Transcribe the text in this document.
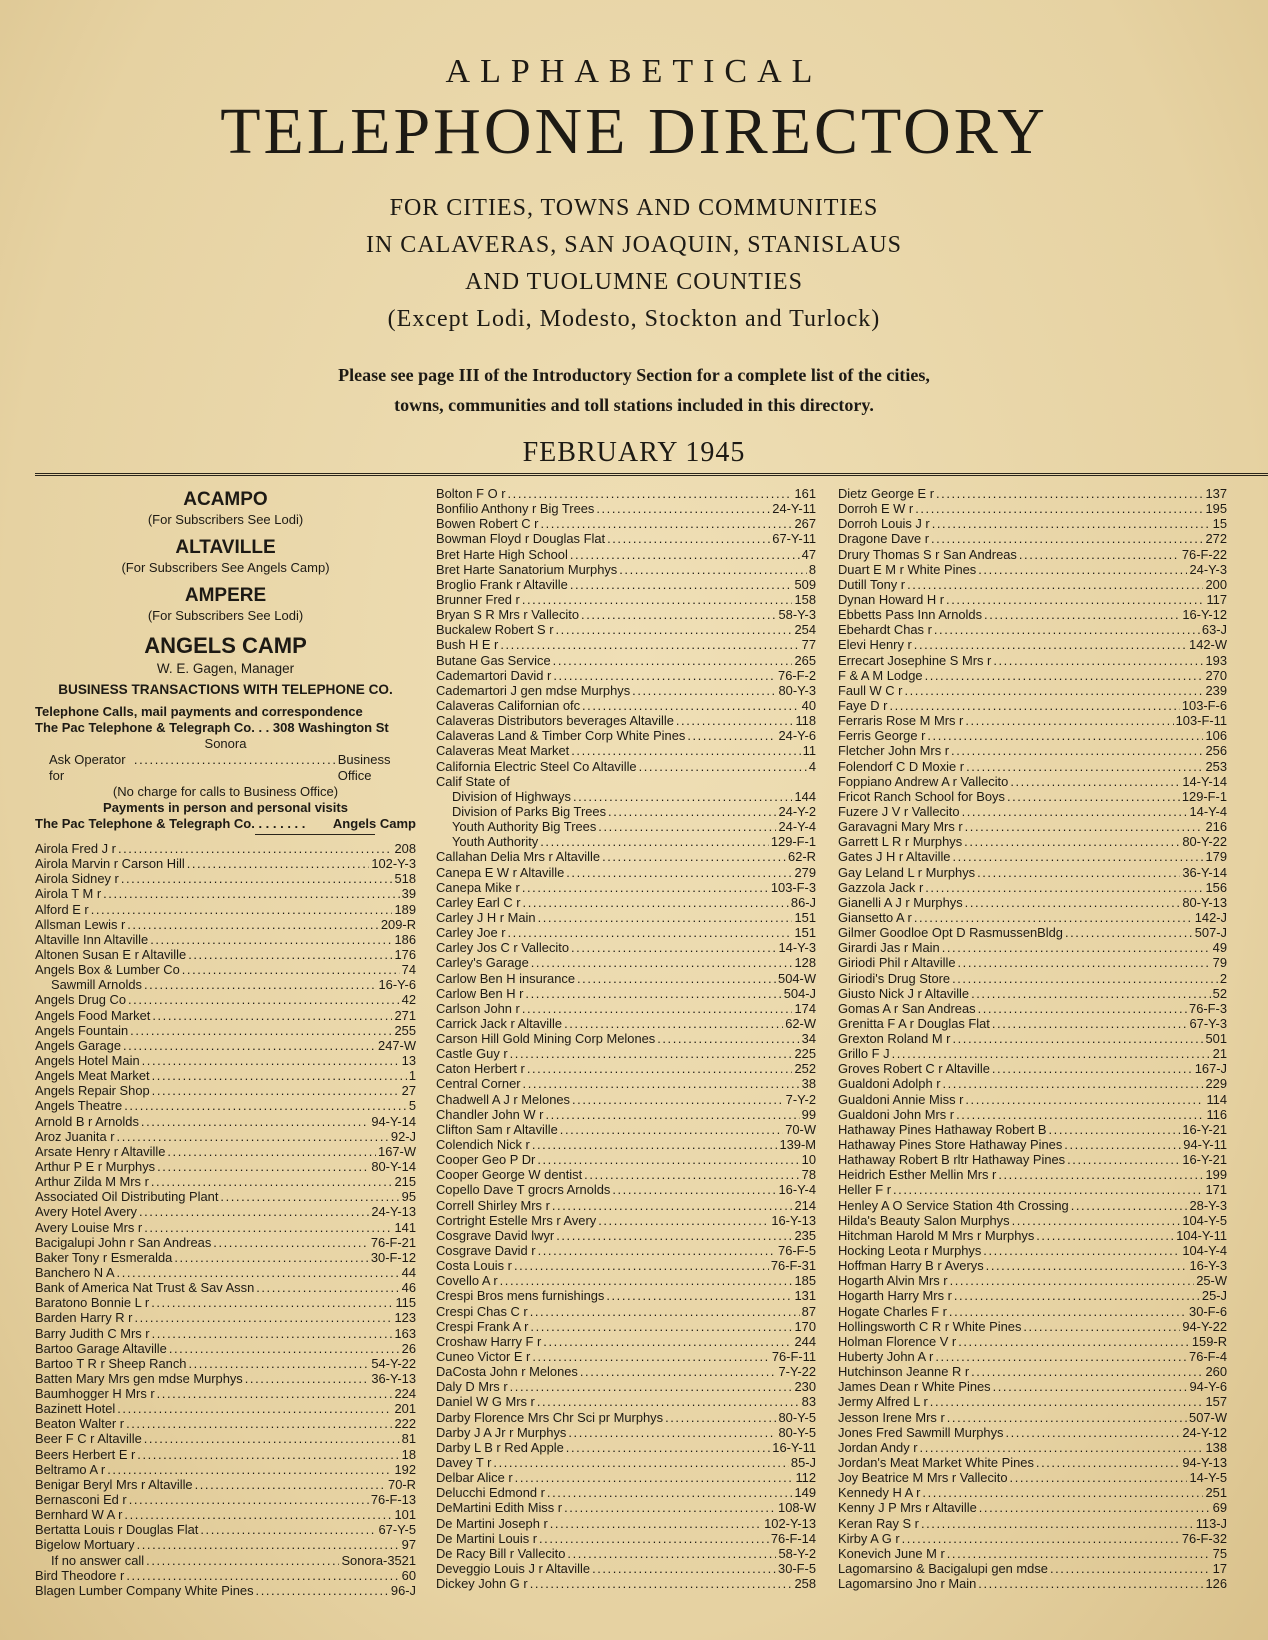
ALPHABETICAL

TELEPHONE DIRECTORY

FOR CITIES, TOWNS AND COMMUNITIES

IN CALAVERAS, SAN JOAQUIN, STANISLAUS

AND TUOLUMNE COUNTIES

(Except Lodi, Modesto, Stockton and Turlock)

Please see page III of the Introductory Section for a complete list of the cities,
towns, communities and toll stations included in this directory.

FEBRUARY 1945

ACAMPO
(For Subscribers See Lodi)
ALTAVILLE
(For Subscribers See Angels Camp)
AMPERE
(For Subscribers See Lodi)
ANGELS CAMP
W. E. Gagen, Manager
BUSINESS TRANSACTIONS WITH TELEPHONE CO.
Telephone Calls, mail payments and correspondence
The Pac Telephone & Telegraph Co. . . 308 Washington St
Sonora
Ask Operator for
. . .
Business Office
(No charge for calls to Business Office)
Payments in person and personal visits
The Pac Telephone & Telegraph Co. . . . . . . . Angels Camp
Airola Fred J r . . .	208
Airola Marvin r Carson Hill . . .	102-Y-3
Airola Sidney r . . .	518
Airola T M r . . .	39
Alford E r . . .	189
Allsman Lewis r . . .	209-R
Altaville Inn Altaville . . .	186
Altonen Susan E r Altaville . . .	176
Angels Box & Lumber Co . . .	74
Sawmill Arnolds . . .	16-Y-6
Angels Drug Co . . .	42
Angels Food Market . . .	271
Angels Fountain . . .	255
Angels Garage . . .	247-W
Angels Hotel Main . . .	13
Angels Meat Market . . .	1
Angels Repair Shop . . .	27
Angels Theatre . . .	5
Arnold B r Arnolds . . .	94-Y-14
Aroz Juanita r . . .	92-J
Arsate Henry r Altaville . . .	167-W
Arthur P E r Murphys . . .	80-Y-14
Arthur Zilda M Mrs r . . .	215
Associated Oil Distributing Plant . . .	95
Avery Hotel Avery . . .	24-Y-13
Avery Louise Mrs r . . .	141
Bacigalupi John r San Andreas . . .	76-F-21
Baker Tony r Esmeralda . . .	30-F-12
Banchero N A . . .	44
Bank of America Nat Trust & Sav Assn . . .	46
Baratono Bonnie L r . . .	115
Barden Harry R r . . .	123
Barry Judith C Mrs r . . .	163
Bartoo Garage Altaville . . .	26
Bartoo T R r Sheep Ranch . . .	54-Y-22
Batten Mary Mrs gen mdse Murphys . . .	36-Y-13
Baumhogger H Mrs r . . .	224
Bazinett Hotel . . .	201
Beaton Walter r . . .	222
Beer F C r Altaville . . .	81
Beers Herbert E r . . .	18
Beltramo A r . . .	192
Benigar Beryl Mrs r Altaville . . .	70-R
Bernasconi Ed r . . .	76-F-13
Bernhard W A r . . .	101
Bertatta Louis r Douglas Flat . . .	67-Y-5
Bigelow Mortuary . . .	97
If no answer call . . .	Sonora-3521
Bird Theodore r . . .	60
Blagen Lumber Company White Pines . . .	96-J
Bolton F O r . . .	161
Bonfilio Anthony r Big Trees . . .	24-Y-11
Bowen Robert C r . . .	267
Bowman Floyd r Douglas Flat . . .	67-Y-11
Bret Harte High School . . .	47
Bret Harte Sanatorium Murphys . . .	8
Broglio Frank r Altaville . . .	509
Brunner Fred r . . .	158
Bryan S R Mrs r Vallecito . . .	58-Y-3
Buckalew Robert S r . . .	254
Bush H E r . . .	77
Butane Gas Service . . .	265
Cademartori David r . . .	76-F-2
Cademartori J gen mdse Murphys . . .	80-Y-3
Calaveras Californian ofc . . .	40
Calaveras Distributors beverages Altaville . . .	118
Calaveras Land & Timber Corp White Pines . . .	24-Y-6
Calaveras Meat Market . . .	11
California Electric Steel Co Altaville . . .	4
Calif State of
Division of Highways . . .	144
Division of Parks Big Trees . . .	24-Y-2
Youth Authority Big Trees . . .	24-Y-4
Youth Authority . . .	129-F-1
Callahan Delia Mrs r Altaville . . .	62-R
Canepa E W r Altaville . . .	279
Canepa Mike r . . .	103-F-3
Carley Earl C r . . .	86-J
Carley J H r Main . . .	151
Carley Joe r . . .	151
Carley Jos C r Vallecito . . .	14-Y-3
Carley's Garage . . .	128
Carlow Ben H insurance . . .	504-W
Carlow Ben H r . . .	504-J
Carlson John r . . .	174
Carrick Jack r Altaville . . .	62-W
Carson Hill Gold Mining Corp Melones . . .	34
Castle Guy r . . .	225
Caton Herbert r . . .	252
Central Corner . . .	38
Chadwell A J r Melones . . .	7-Y-2
Chandler John W r . . .	99
Clifton Sam r Altaville . . .	70-W
Colendich Nick r . . .	139-M
Cooper Geo P Dr . . .	10
Cooper George W dentist . . .	78
Copello Dave T grocrs Arnolds . . .	16-Y-4
Correll Shirley Mrs r . . .	214
Cortright Estelle Mrs r Avery . . .	16-Y-13
Cosgrave David lwyr . . .	235
Cosgrave David r . . .	76-F-5
Costa Louis r . . .	76-F-31
Covello A r . . .	185
Crespi Bros mens furnishings . . .	131
Crespi Chas C r . . .	87
Crespi Frank A r . . .	170
Croshaw Harry F r . . .	244
Cuneo Victor E r . . .	76-F-11
DaCosta John r Melones . . .	7-Y-22
Daly D Mrs r . . .	230
Daniel W G Mrs r . . .	83
Darby Florence Mrs Chr Sci pr Murphys . . .	80-Y-5
Darby J A Jr r Murphys . . .	80-Y-5
Darby L B r Red Apple . . .	16-Y-11
Davey T r . . .	85-J
Delbar Alice r . . .	112
Delucchi Edmond r . . .	149
DeMartini Edith Miss r . . .	108-W
De Martini Joseph r . . .	102-Y-13
De Martini Louis r . . .	76-F-14
De Racy Bill r Vallecito . . .	58-Y-2
Deveggio Louis J r Altaville . . .	30-F-5
Dickey John G r . . .	258
Dietz George E r . . .	137
Dorroh E W r . . .	195
Dorroh Louis J r . . .	15
Dragone Dave r . . .	272
Drury Thomas S r San Andreas . . .	76-F-22
Duart E M r White Pines . . .	24-Y-3
Dutill Tony r . . .	200
Dynan Howard H r . . .	117
Ebbetts Pass Inn Arnolds . . .	16-Y-12
Ebehardt Chas r . . .	63-J
Elevi Henry r . . .	142-W
Errecart Josephine S Mrs r . . .	193
F & A M Lodge . . .	270
Faull W C r . . .	239
Faye D r . . .	103-F-6
Ferraris Rose M Mrs r . . .	103-F-11
Ferris George r . . .	106
Fletcher John Mrs r . . .	256
Folendorf C D Moxie r . . .	253
Foppiano Andrew A r Vallecito . . .	14-Y-14
Fricot Ranch School for Boys . . .	129-F-1
Fuzere J V r Vallecito . . .	14-Y-4
Garavagni Mary Mrs r . . .	216
Garrett L R r Murphys . . .	80-Y-22
Gates J H r Altaville . . .	179
Gay Leland L r Murphys . . .	36-Y-14
Gazzola Jack r . . .	156
Gianelli A J r Murphys . . .	80-Y-13
Giansetto A r . . .	142-J
Gilmer Goodloe Opt D RasmussenBldg . . .	507-J
Girardi Jas r Main . . .	49
Giriodi Phil r Altaville . . .	79
Giriodi's Drug Store . . .	2
Giusto Nick J r Altaville . . .	52
Gomas A r San Andreas . . .	76-F-3
Grenitta F A r Douglas Flat . . .	67-Y-3
Grexton Roland M r . . .	501
Grillo F J . . .	21
Groves Robert C r Altaville . . .	167-J
Gualdoni Adolph r . . .	229
Gualdoni Annie Miss r . . .	114
Gualdoni John Mrs r . . .	116
Hathaway Pines Hathaway Robert B . . .	16-Y-21
Hathaway Pines Store Hathaway Pines . . .	94-Y-11
Hathaway Robert B rltr Hathaway Pines . . .	16-Y-21
Heidrich Esther Mellin Mrs r . . .	199
Heller F r . . .	171
Henley A O Service Station 4th Crossing . . .	28-Y-3
Hilda's Beauty Salon Murphys . . .	104-Y-5
Hitchman Harold M Mrs r Murphys . . .	104-Y-11
Hocking Leota r Murphys . . .	104-Y-4
Hoffman Harry B r Averys . . .	16-Y-3
Hogarth Alvin Mrs r . . .	25-W
Hogarth Harry Mrs r . . .	25-J
Hogate Charles F r . . .	30-F-6
Hollingsworth C R r White Pines . . .	94-Y-22
Holman Florence V r . . .	159-R
Huberty John A r . . .	76-F-4
Hutchinson Jeanne R r . . .	260
James Dean r White Pines . . .	94-Y-6
Jermy Alfred L r . . .	157
Jesson Irene Mrs r . . .	507-W
Jones Fred Sawmill Murphys . . .	24-Y-12
Jordan Andy r . . .	138
Jordan's Meat Market White Pines . . .	94-Y-13
Joy Beatrice M Mrs r Vallecito . . .	14-Y-5
Kennedy H A r . . .	251
Kenny J P Mrs r Altaville . . .	69
Keran Ray S r . . .	113-J
Kirby A G r . . .	76-F-32
Konevich June M r . . .	75
Lagomarsino & Bacigalupi gen mdse . . .	17
Lagomarsino Jno r Main . . .	126
